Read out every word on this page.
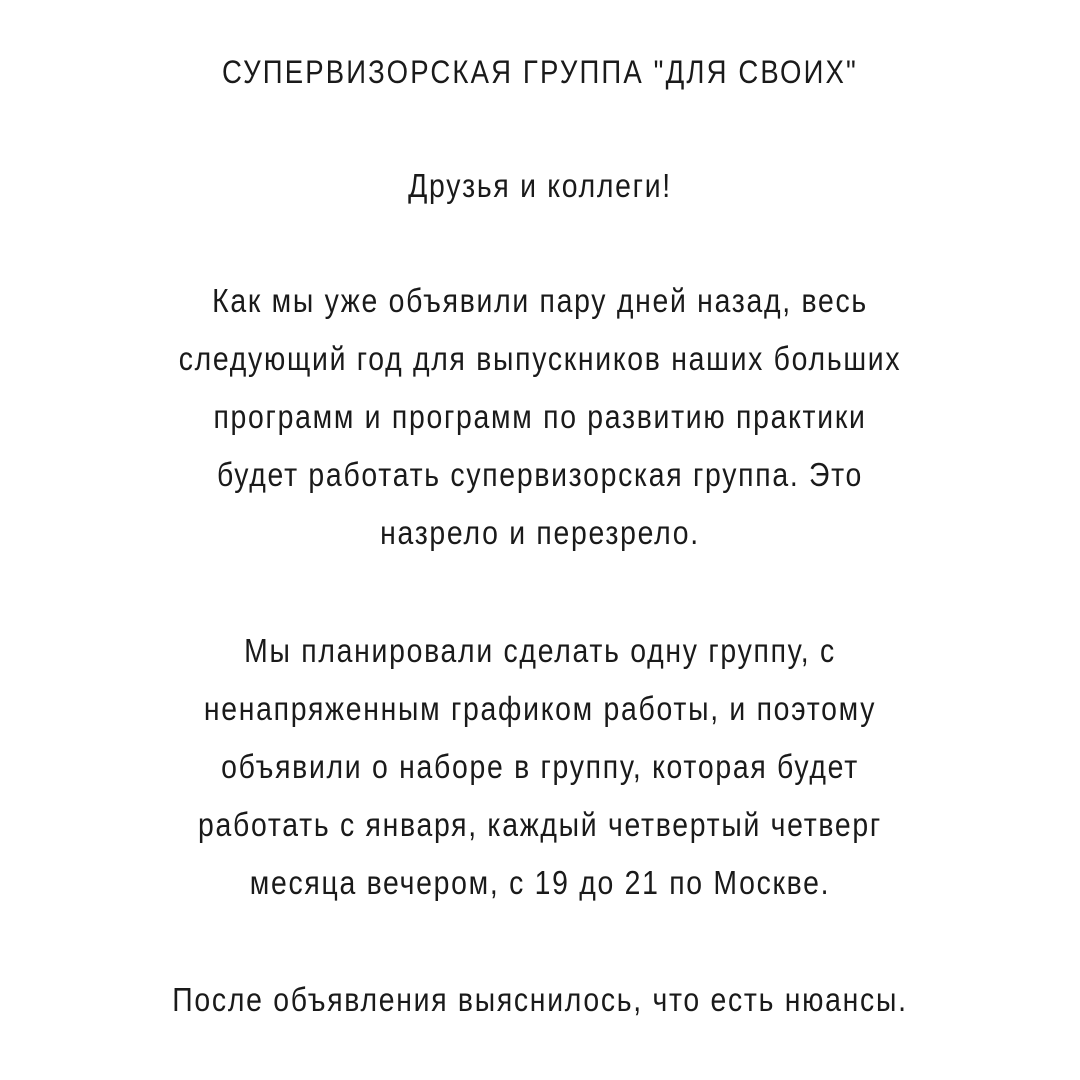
СУПЕРВИЗОРСКАЯ ГРУППА "ДЛЯ СВОИХ"
Друзья и коллеги!
Как мы уже объявили пару дней назад, весь
следующий год для выпускников наших больших
программ и программ по развитию практики
будет работать супервизорская группа. Это
назрело и перезрело.
Мы планировали сделать одну группу, с
ненапряженным графиком работы, и поэтому
объявили о наборе в группу, которая будет
работать с января, каждый четвертый четверг
месяца вечером, с 19 до 21 по Москве.
После объявления выяснилось, что есть нюансы.
